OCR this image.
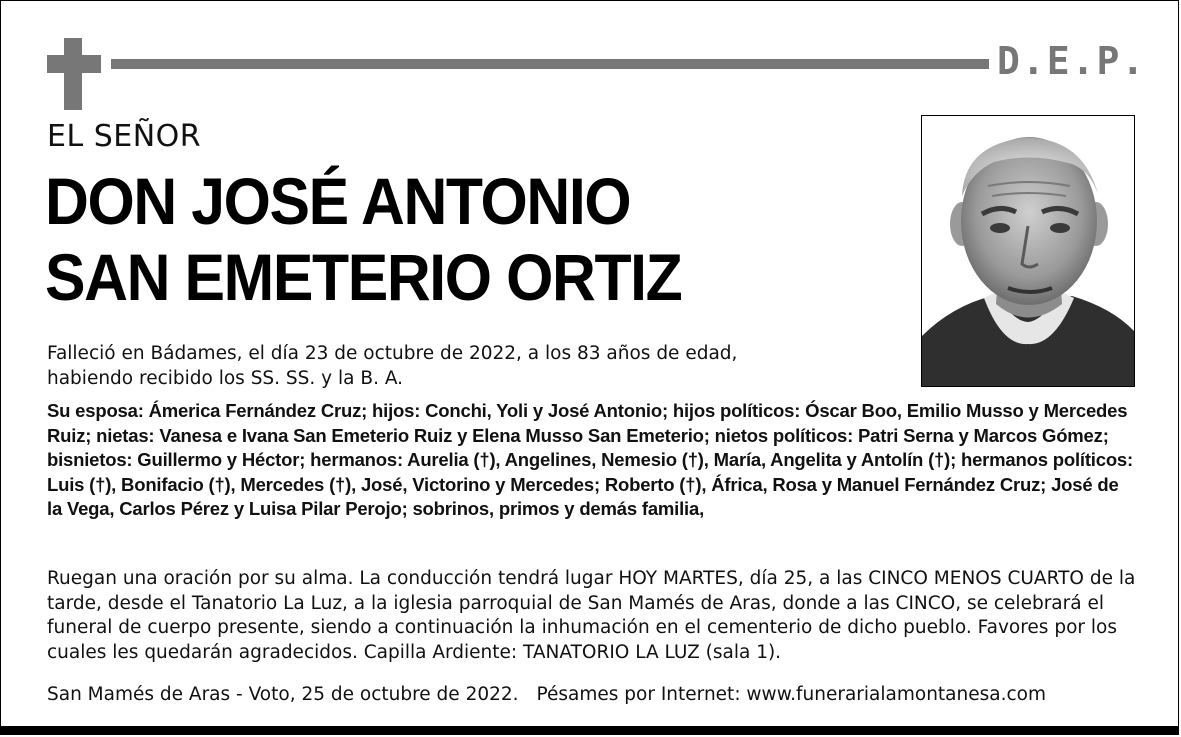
D.E.P.
EL SEÑOR
DON JOSÉ ANTONIO
SAN EMETERIO ORTIZ
Falleció en Bádames, el día 23 de octubre de 2022, a los 83 años de edad, habiendo recibido los SS. SS. y la B. A.
Su esposa: Ámerica Fernández Cruz; hijos: Conchi, Yoli y José Antonio; hijos políticos: Óscar Boo, Emilio Musso y Mercedes Ruiz; nietas: Vanesa e Ivana San Emeterio Ruiz y Elena Musso San Emeterio; nietos políticos: Patri Serna y Marcos Gómez; bisnietos: Guillermo y Héctor; hermanos: Aurelia (†), Angelines, Nemesio (†), María, Angelita y Antolín (†); hermanos políticos: Luis (†), Bonifacio (†), Mercedes (†), José, Victorino y Mercedes; Roberto (†), África, Rosa y Manuel Fernández Cruz; José de la Vega, Carlos Pérez y Luisa Pilar Perojo; sobrinos, primos y demás familia,
Ruegan una oración por su alma. La conducción tendrá lugar HOY MARTES, día 25, a las CINCO MENOS CUARTO de la tarde, desde el Tanatorio La Luz, a la iglesia parroquial de San Mamés de Aras, donde a las CINCO, se celebrará el funeral de cuerpo presente, siendo a continuación la inhumación en el cementerio de dicho pueblo. Favores por los cuales les quedarán agradecidos. Capilla Ardiente: TANATORIO LA LUZ (sala 1).
San Mamés de Aras - Voto, 25 de octubre de 2022. Pésames por Internet: www.funerarialamontanesa.com
